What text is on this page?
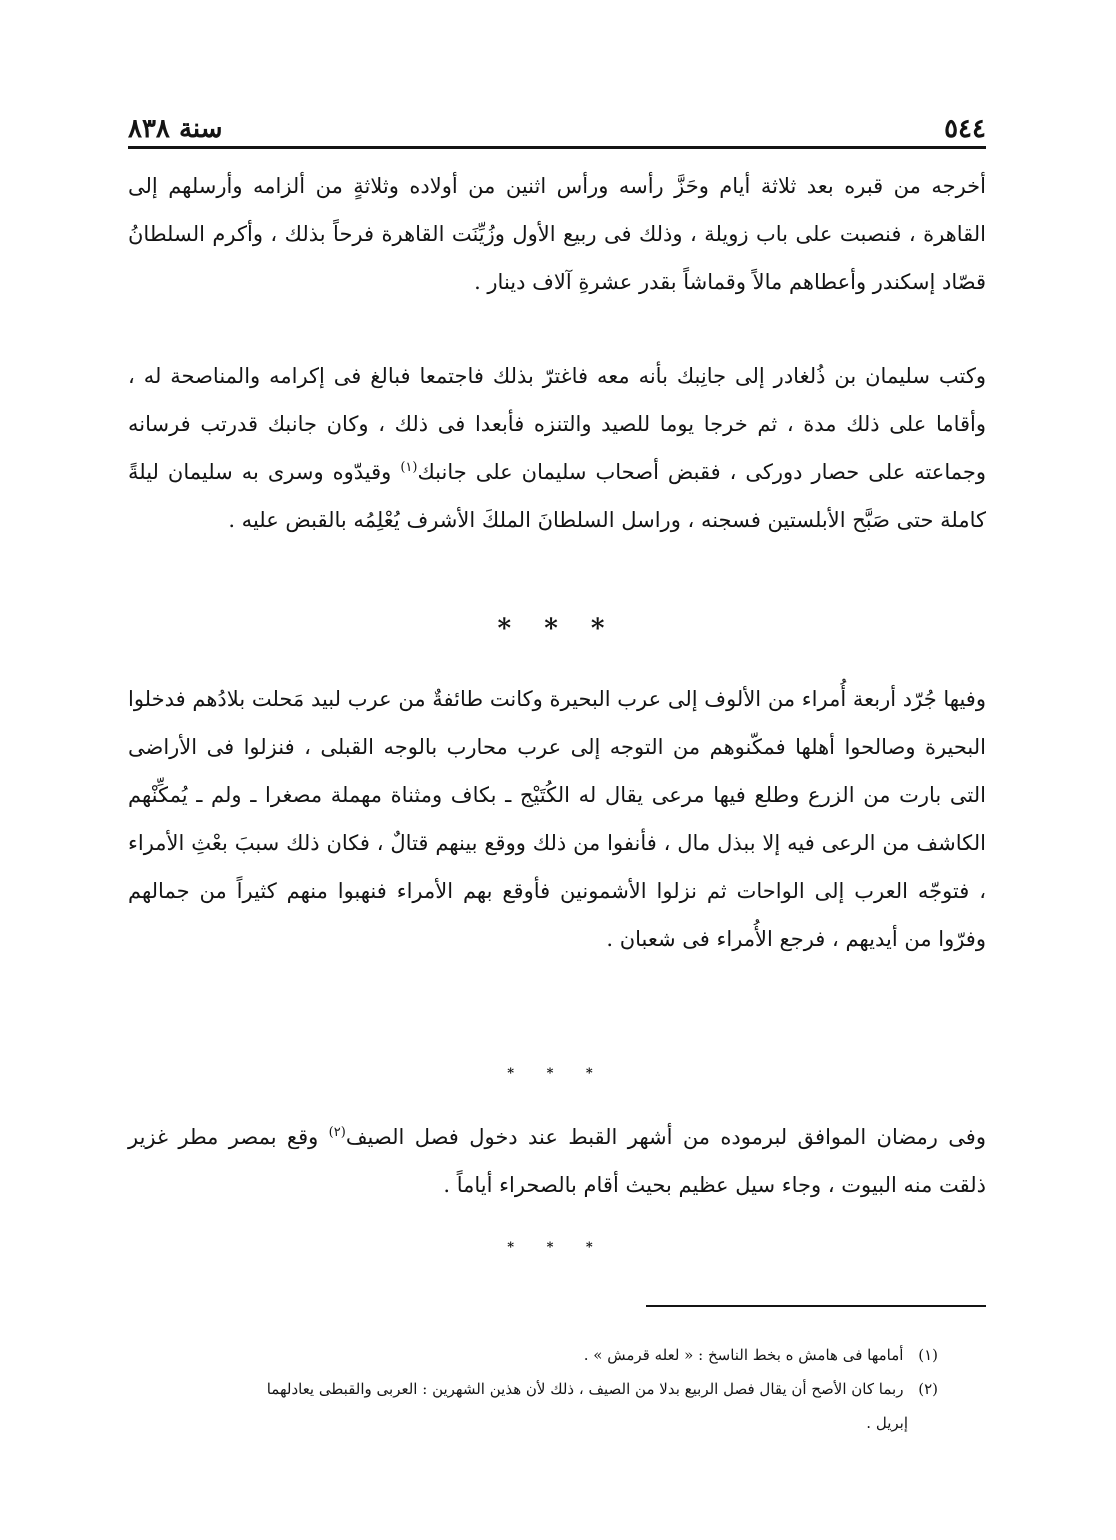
٥٤٤
سنة ٨٣٨

أخرجه من قبره بعد ثلاثة أيام وحَزَّ رأسه ورأس اثنين من أولاده وثلاثةٍ من ألزامه وأرسلهم إلى القاهرة ، فنصبت على باب زويلة ، وذلك فى ربيع الأول وزُيِّنَت القاهرة فرحاً بذلك ، وأكرم السلطانُ قصّاد إسكندر وأعطاهم مالاً وقماشاً بقدر عشرةِ آلاف دينار .

وكتب سليمان بن ذُلغادر إلى جانِبك بأنه معه فاغترّ بذلك فاجتمعا فبالغ فى إكرامه والمناصحة له ، وأقاما على ذلك مدة ، ثم خرجا يوما للصيد والتنزه فأبعدا فى ذلك ، وكان جانبك قدرتب فرسانه وجماعته على حصار دوركى ، فقبض أصحاب سليمان على جانبك$^{(١)}$ وقيدّوه وسرى به سليمان ليلةً كاملة حتى صَبَّح الأبلستين فسجنه ، وراسل السلطانَ الملكَ الأشرف يُعْلِمُه بالقبض عليه .

* * *

وفيها جُرّد أربعة أُمراء من الألوف إلى عرب البحيرة وكانت طائفةٌ من عرب لبيد مَحلت بلادُهم فدخلوا البحيرة وصالحوا أهلها فمكّنوهم من التوجه إلى عرب محارب بالوجه القبلى ، فنزلوا فى الأراضى التى بارت من الزرع وطلع فيها مرعى يقال له الكُتَيْج ـ بكاف ومثناة مهملة مصغرا ـ ولم ـ يُمكِّنْهم الكاشف من الرعى فيه إلا ببذل مال ، فأنفوا من ذلك ووقع بينهم قتالٌ ، فكان ذلك سببَ بعْثِ الأمراء ، فتوجّه العرب إلى الواحات ثم نزلوا الأشمونين فأوقع بهم الأمراء فنهبوا منهم كثيراً من جمالهم وفرّوا من أيديهم ، فرجع الأُمراء فى شعبان .

* * *

وفى رمضان الموافق لبرموده من أشهر القبط عند دخول فصل الصيف$^{(٢)}$ وقع بمصر مطر غزير ذلقت منه البيوت ، وجاء سيل عظيم بحيث أقام بالصحراء أياماً .

* * *
(١) أمامها فى هامش ه بخط الناسخ : « لعله قرمش » .
(٢) ربما كان الأصح أن يقال فصل الربيع بدلا من الصيف ، ذلك لأن هذين الشهرين : العربى والقبطى يعادلهما
إبريل .
